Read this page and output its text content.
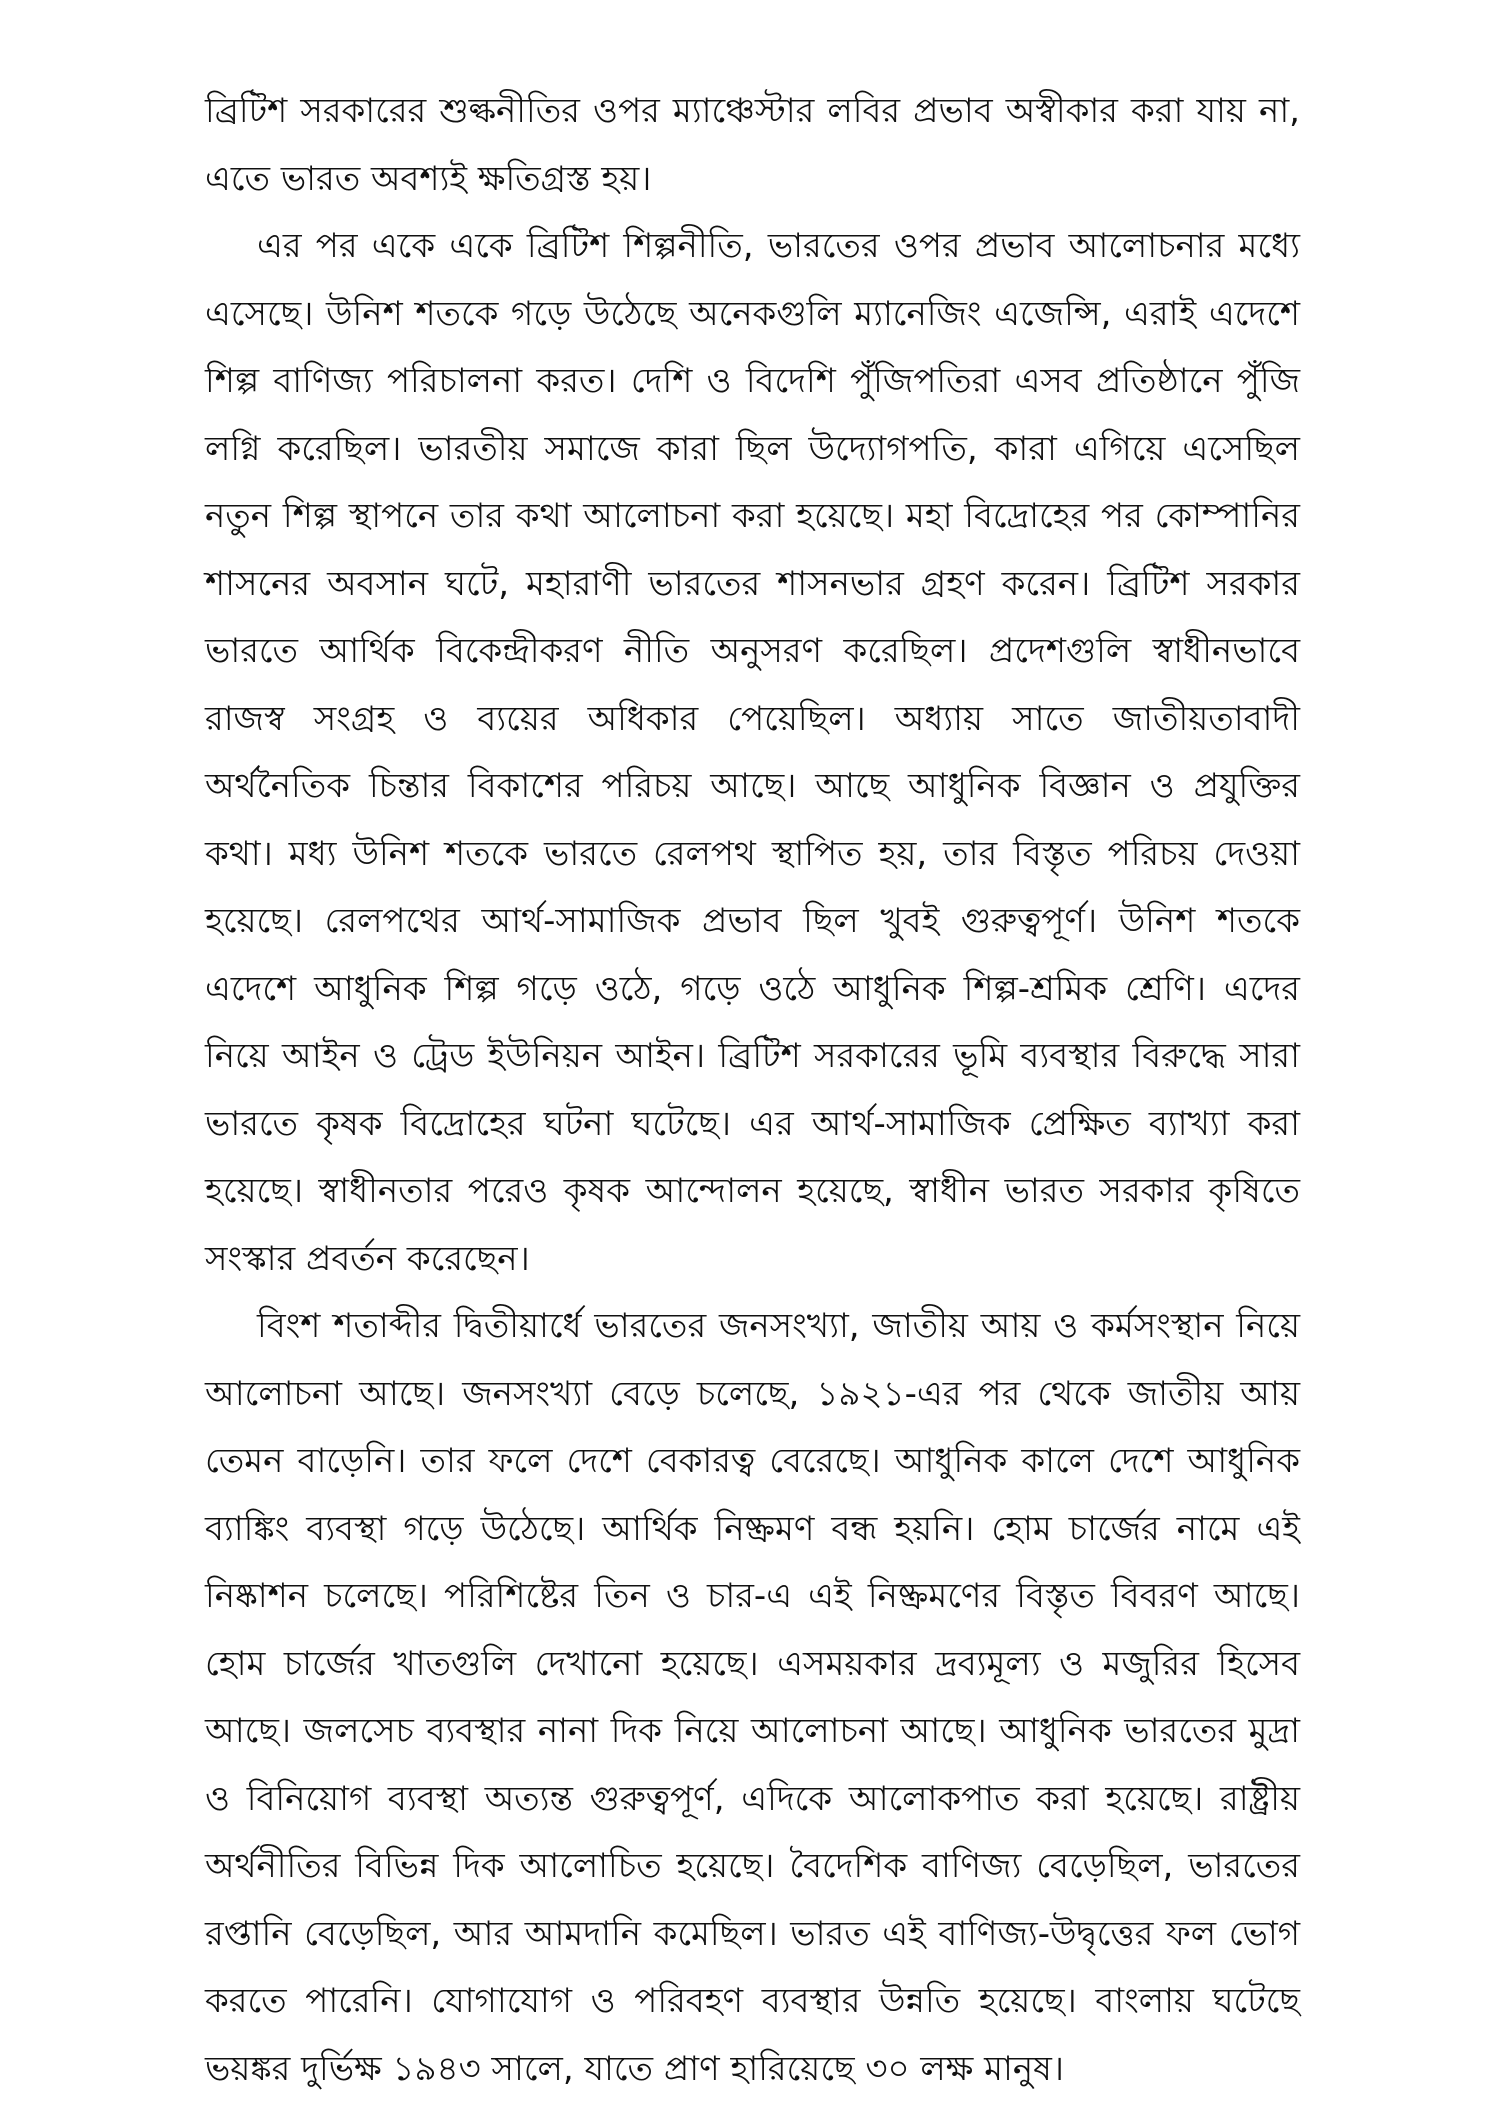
ব্রিটিশ সরকারের শুল্কনীতির ওপর ম্যাঞ্চেস্টার লবির প্রভাব অস্বীকার করা যায় না, এতে ভারত অবশ্যই ক্ষতিগ্রস্ত হয়।

এর পর একে একে ব্রিটিশ শিল্পনীতি, ভারতের ওপর প্রভাব আলোচনার মধ্যে এসেছে। উনিশ শতকে গড়ে উঠেছে অনেকগুলি ম্যানেজিং এজেন্সি, এরাই এদেশে শিল্প বাণিজ্য পরিচালনা করত। দেশি ও বিদেশি পুঁজিপতিরা এসব প্রতিষ্ঠানে পুঁজি লগ্নি করেছিল। ভারতীয় সমাজে কারা ছিল উদ্যোগপতি, কারা এগিয়ে এসেছিল নতুন শিল্প স্থাপনে তার কথা আলোচনা করা হয়েছে। মহা বিদ্রোহের পর কোম্পানির শাসনের অবসান ঘটে, মহারাণী ভারতের শাসনভার গ্রহণ করেন। ব্রিটিশ সরকার ভারতে আর্থিক বিকেন্দ্রীকরণ নীতি অনুসরণ করেছিল। প্রদেশগুলি স্বাধীনভাবে রাজস্ব সংগ্রহ ও ব্যয়ের অধিকার পেয়েছিল। অধ্যায় সাতে জাতীয়তাবাদী অর্থনৈতিক চিন্তার বিকাশের পরিচয় আছে। আছে আধুনিক বিজ্ঞান ও প্রযুক্তির কথা। মধ্য উনিশ শতকে ভারতে রেলপথ স্থাপিত হয়, তার বিস্তৃত পরিচয় দেওয়া হয়েছে। রেলপথের আর্থ-সামাজিক প্রভাব ছিল খুবই গুরুত্বপূর্ণ। উনিশ শতকে এদেশে আধুনিক শিল্প গড়ে ওঠে, গড়ে ওঠে আধুনিক শিল্প-শ্রমিক শ্রেণি। এদের নিয়ে আইন ও ট্রেড ইউনিয়ন আইন। ব্রিটিশ সরকারের ভূমি ব্যবস্থার বিরুদ্ধে সারা ভারতে কৃষক বিদ্রোহের ঘটনা ঘটেছে। এর আর্থ-সামাজিক প্রেক্ষিত ব্যাখ্যা করা হয়েছে। স্বাধীনতার পরেও কৃষক আন্দোলন হয়েছে, স্বাধীন ভারত সরকার কৃষিতে সংস্কার প্রবর্তন করেছেন।

বিংশ শতাব্দীর দ্বিতীয়ার্ধে ভারতের জনসংখ্যা, জাতীয় আয় ও কর্মসংস্থান নিয়ে আলোচনা আছে। জনসংখ্যা বেড়ে চলেছে, ১৯২১-এর পর থেকে জাতীয় আয় তেমন বাড়েনি। তার ফলে দেশে বেকারত্ব বেরেছে। আধুনিক কালে দেশে আধুনিক ব্যাঙ্কিং ব্যবস্থা গড়ে উঠেছে। আর্থিক নিষ্ক্রমণ বন্ধ হয়নি। হোম চার্জের নামে এই নিষ্কাশন চলেছে। পরিশিষ্টের তিন ও চার-এ এই নিষ্ক্রমণের বিস্তৃত বিবরণ আছে। হোম চার্জের খাতগুলি দেখানো হয়েছে। এসময়কার দ্রব্যমূল্য ও মজুরির হিসেব আছে। জলসেচ ব্যবস্থার নানা দিক নিয়ে আলোচনা আছে। আধুনিক ভারতের মুদ্রা ও বিনিয়োগ ব্যবস্থা অত্যন্ত গুরুত্বপূর্ণ, এদিকে আলোকপাত করা হয়েছে। রাষ্ট্রীয় অর্থনীতির বিভিন্ন দিক আলোচিত হয়েছে। বৈদেশিক বাণিজ্য বেড়েছিল, ভারতের রপ্তানি বেড়েছিল, আর আমদানি কমেছিল। ভারত এই বাণিজ্য-উদ্বৃত্তের ফল ভোগ করতে পারেনি। যোগাযোগ ও পরিবহণ ব্যবস্থার উন্নতি হয়েছে। বাংলায় ঘটেছে ভয়ঙ্কর দুর্ভিক্ষ ১৯৪৩ সালে, যাতে প্রাণ হারিয়েছে ৩০ লক্ষ মানুষ।
